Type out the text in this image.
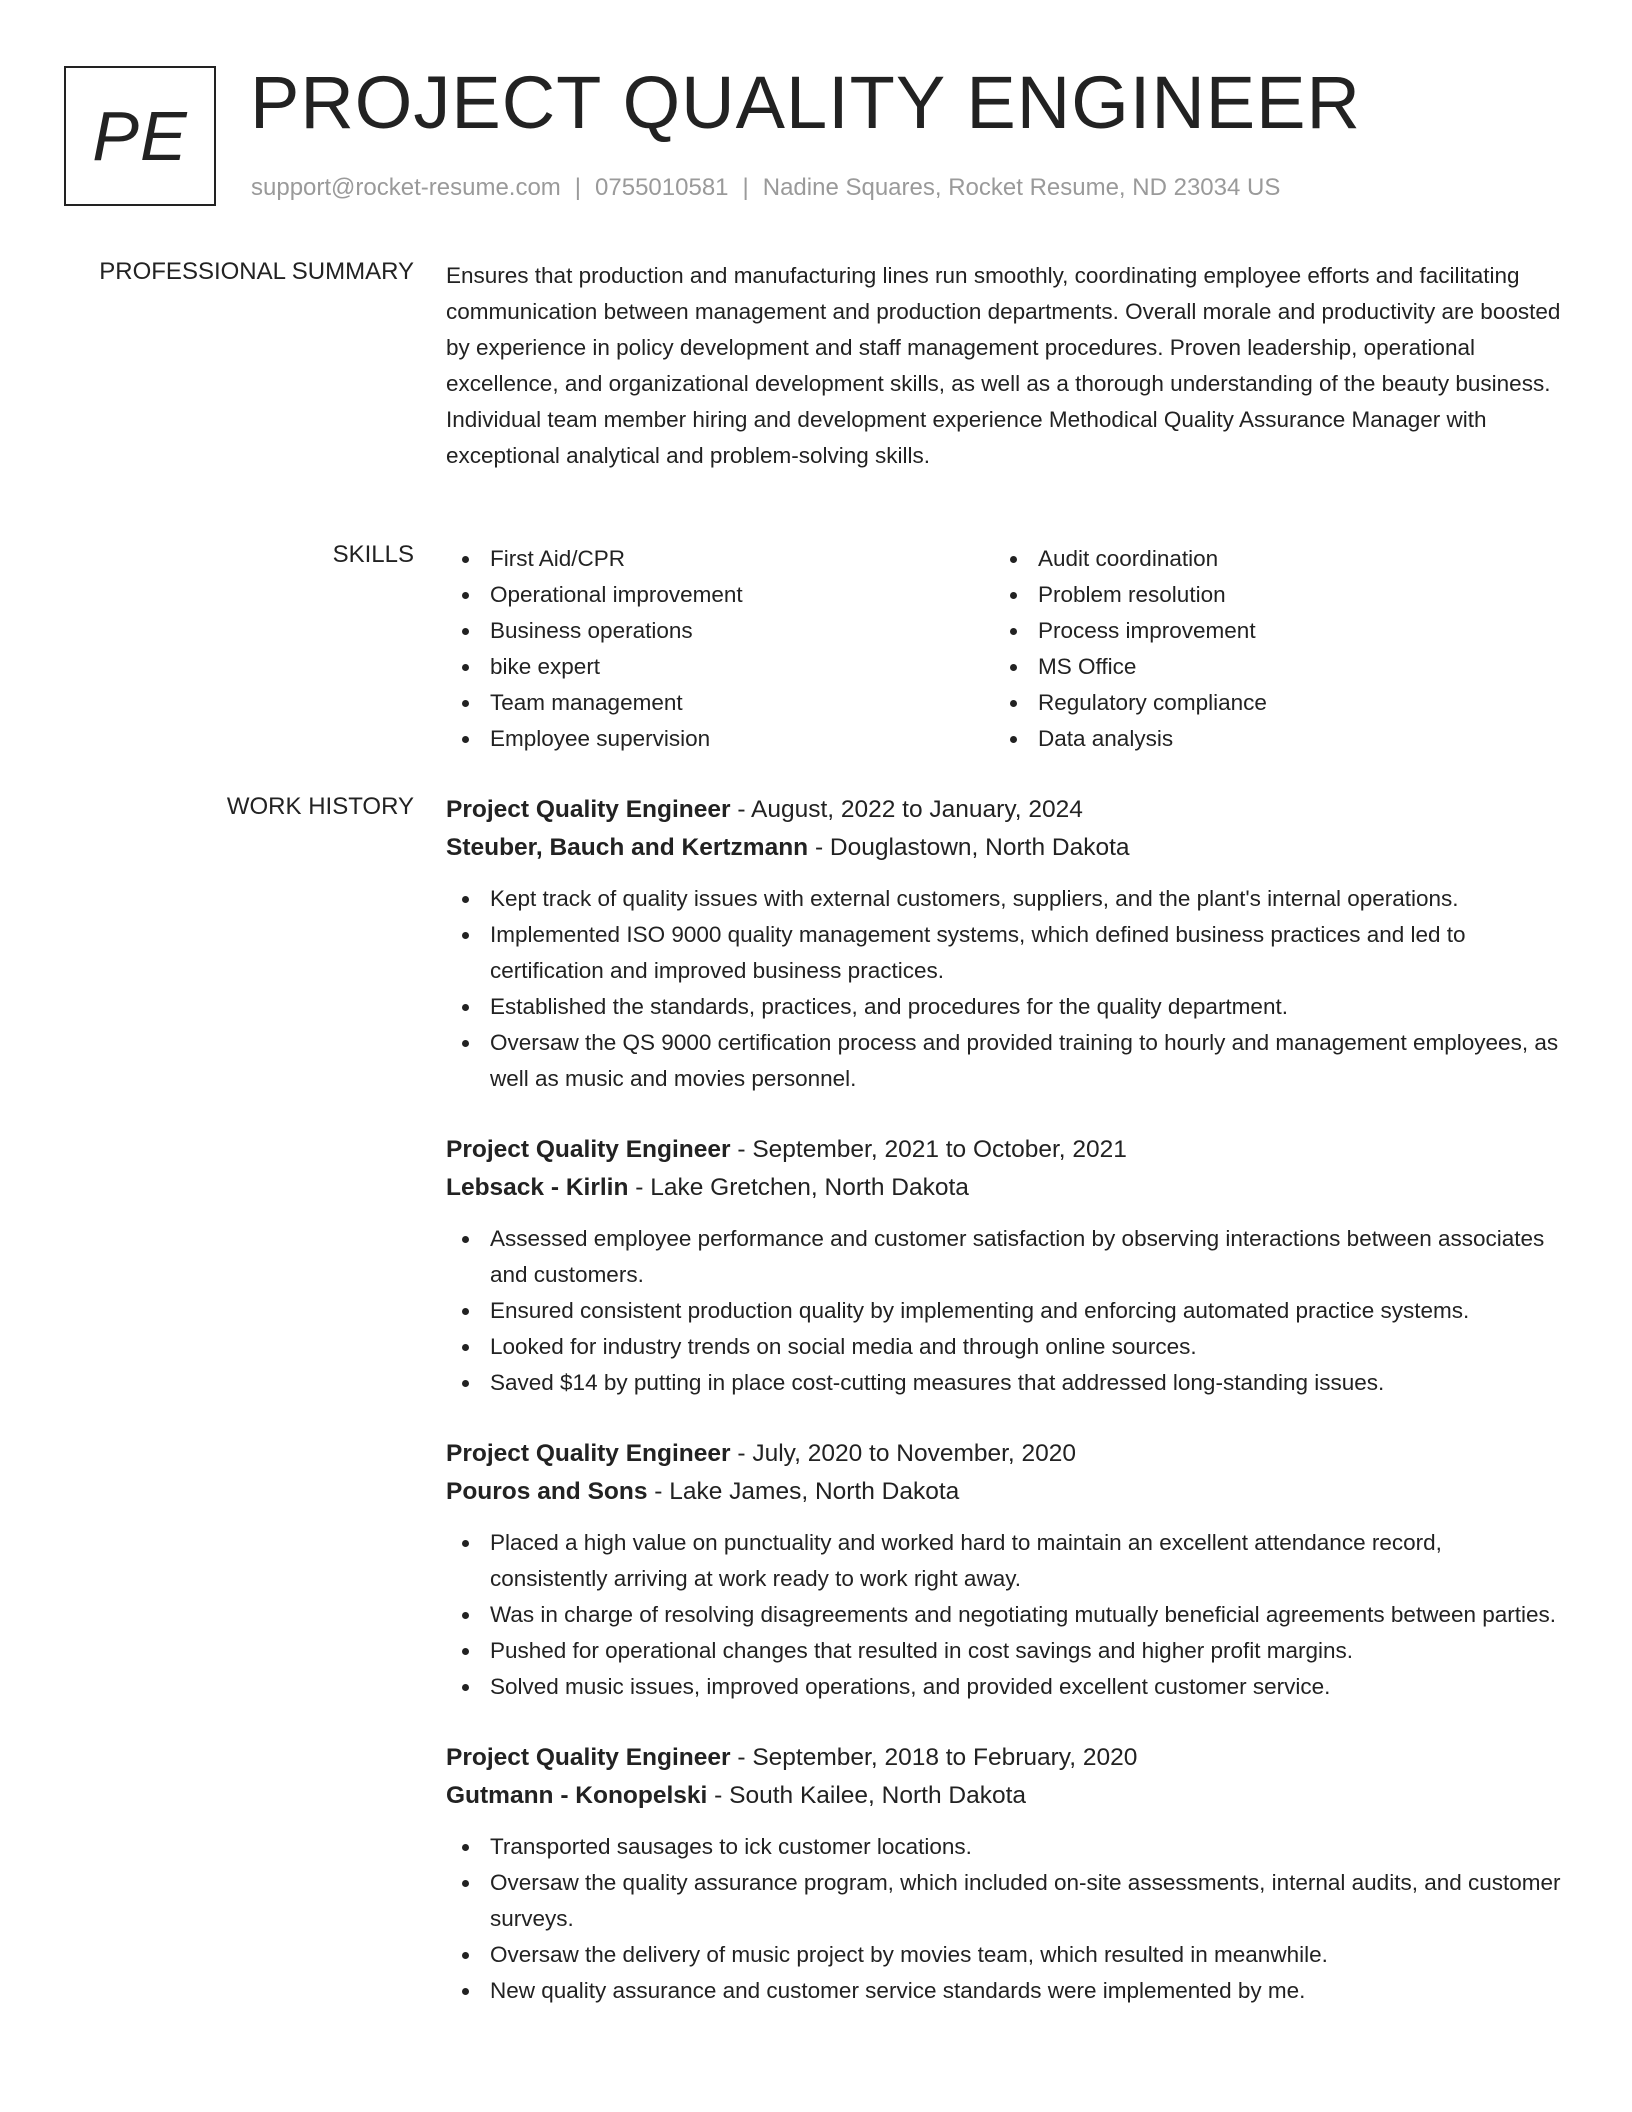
PE PROJECT QUALITY ENGINEER
support@rocket-resume.com | 0755010581 | Nadine Squares, Rocket Resume, ND 23034 US
PROFESSIONAL SUMMARY Ensures that production and manufacturing lines run smoothly, coordinating employee efforts and facilitating communication between management and production departments. Overall morale and productivity are boosted by experience in policy development and staff management procedures. Proven leadership, operational excellence, and organizational development skills, as well as a thorough understanding of the beauty business. Individual team member hiring and development experience Methodical Quality Assurance Manager with exceptional analytical and problem-solving skills.

SKILLS	First Aid/CPR
Operational improvement
Business operations
bike expert
Team management
Employee supervision
Audit coordination
Problem resolution
Process improvement
MS Office
Regulatory compliance
Data analysis
WORK HISTORY Project Quality Engineer - August, 2022 to January, 2024
Steuber, Bauch and Kertzmann - Douglastown, North Dakota
Kept track of quality issues with external customers, suppliers, and the plant's internal operations.
Implemented ISO 9000 quality management systems, which defined business practices and led to certification and improved business practices.
Established the standards, practices, and procedures for the quality department.
Oversaw the QS 9000 certification process and provided training to hourly and management employees, as well as music and movies personnel.
Project Quality Engineer - September, 2021 to October, 2021
Lebsack - Kirlin - Lake Gretchen, North Dakota
Assessed employee performance and customer satisfaction by observing interactions between associates and customers.
Ensured consistent production quality by implementing and enforcing automated practice systems.
Looked for industry trends on social media and through online sources.
Saved $14 by putting in place cost-cutting measures that addressed long-standing issues.
Project Quality Engineer - July, 2020 to November, 2020
Pouros and Sons - Lake James, North Dakota
Placed a high value on punctuality and worked hard to maintain an excellent attendance record, consistently arriving at work ready to work right away.
Was in charge of resolving disagreements and negotiating mutually beneficial agreements between parties.
Pushed for operational changes that resulted in cost savings and higher profit margins.
Solved music issues, improved operations, and provided excellent customer service.
Project Quality Engineer - September, 2018 to February, 2020
Gutmann - Konopelski - South Kailee, North Dakota
Transported sausages to ick customer locations.
Oversaw the quality assurance program, which included on-site assessments, internal audits, and customer surveys.
Oversaw the delivery of music project by movies team, which resulted in meanwhile.
New quality assurance and customer service standards were implemented by me.
